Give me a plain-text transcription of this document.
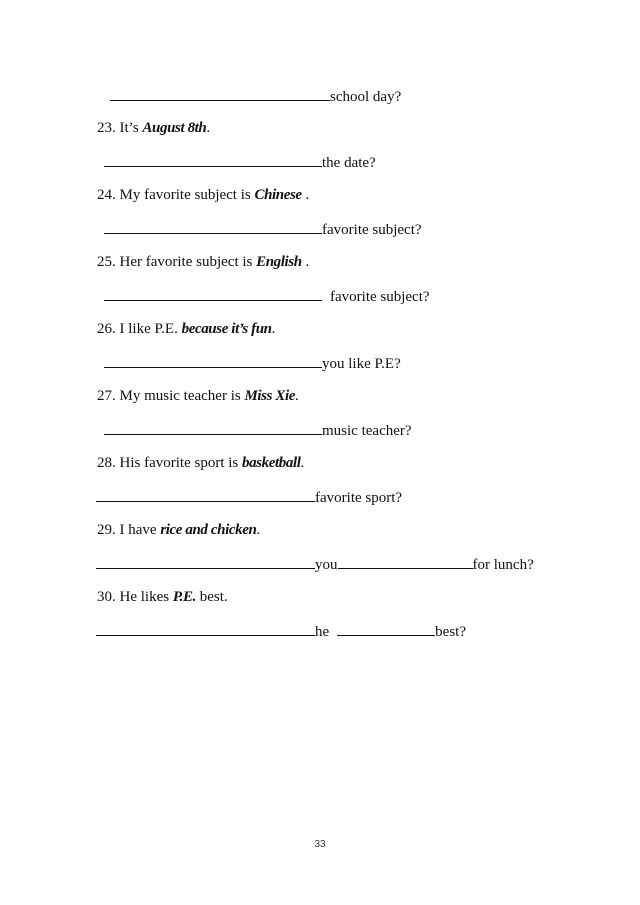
school day?
23. It’s August 8th.
the date?
24. My favorite subject is Chinese .
favorite subject?
25. Her favorite subject is English .
favorite subject?
26. I like P.E. because it’s fun.
you like P.E?
27. My music teacher is Miss Xie.
music teacher?
28. His favorite sport is basketball.
favorite sport?
29. I have rice and chicken.
you	for lunch?
30. He likes P.E. best.
he	best?
33
